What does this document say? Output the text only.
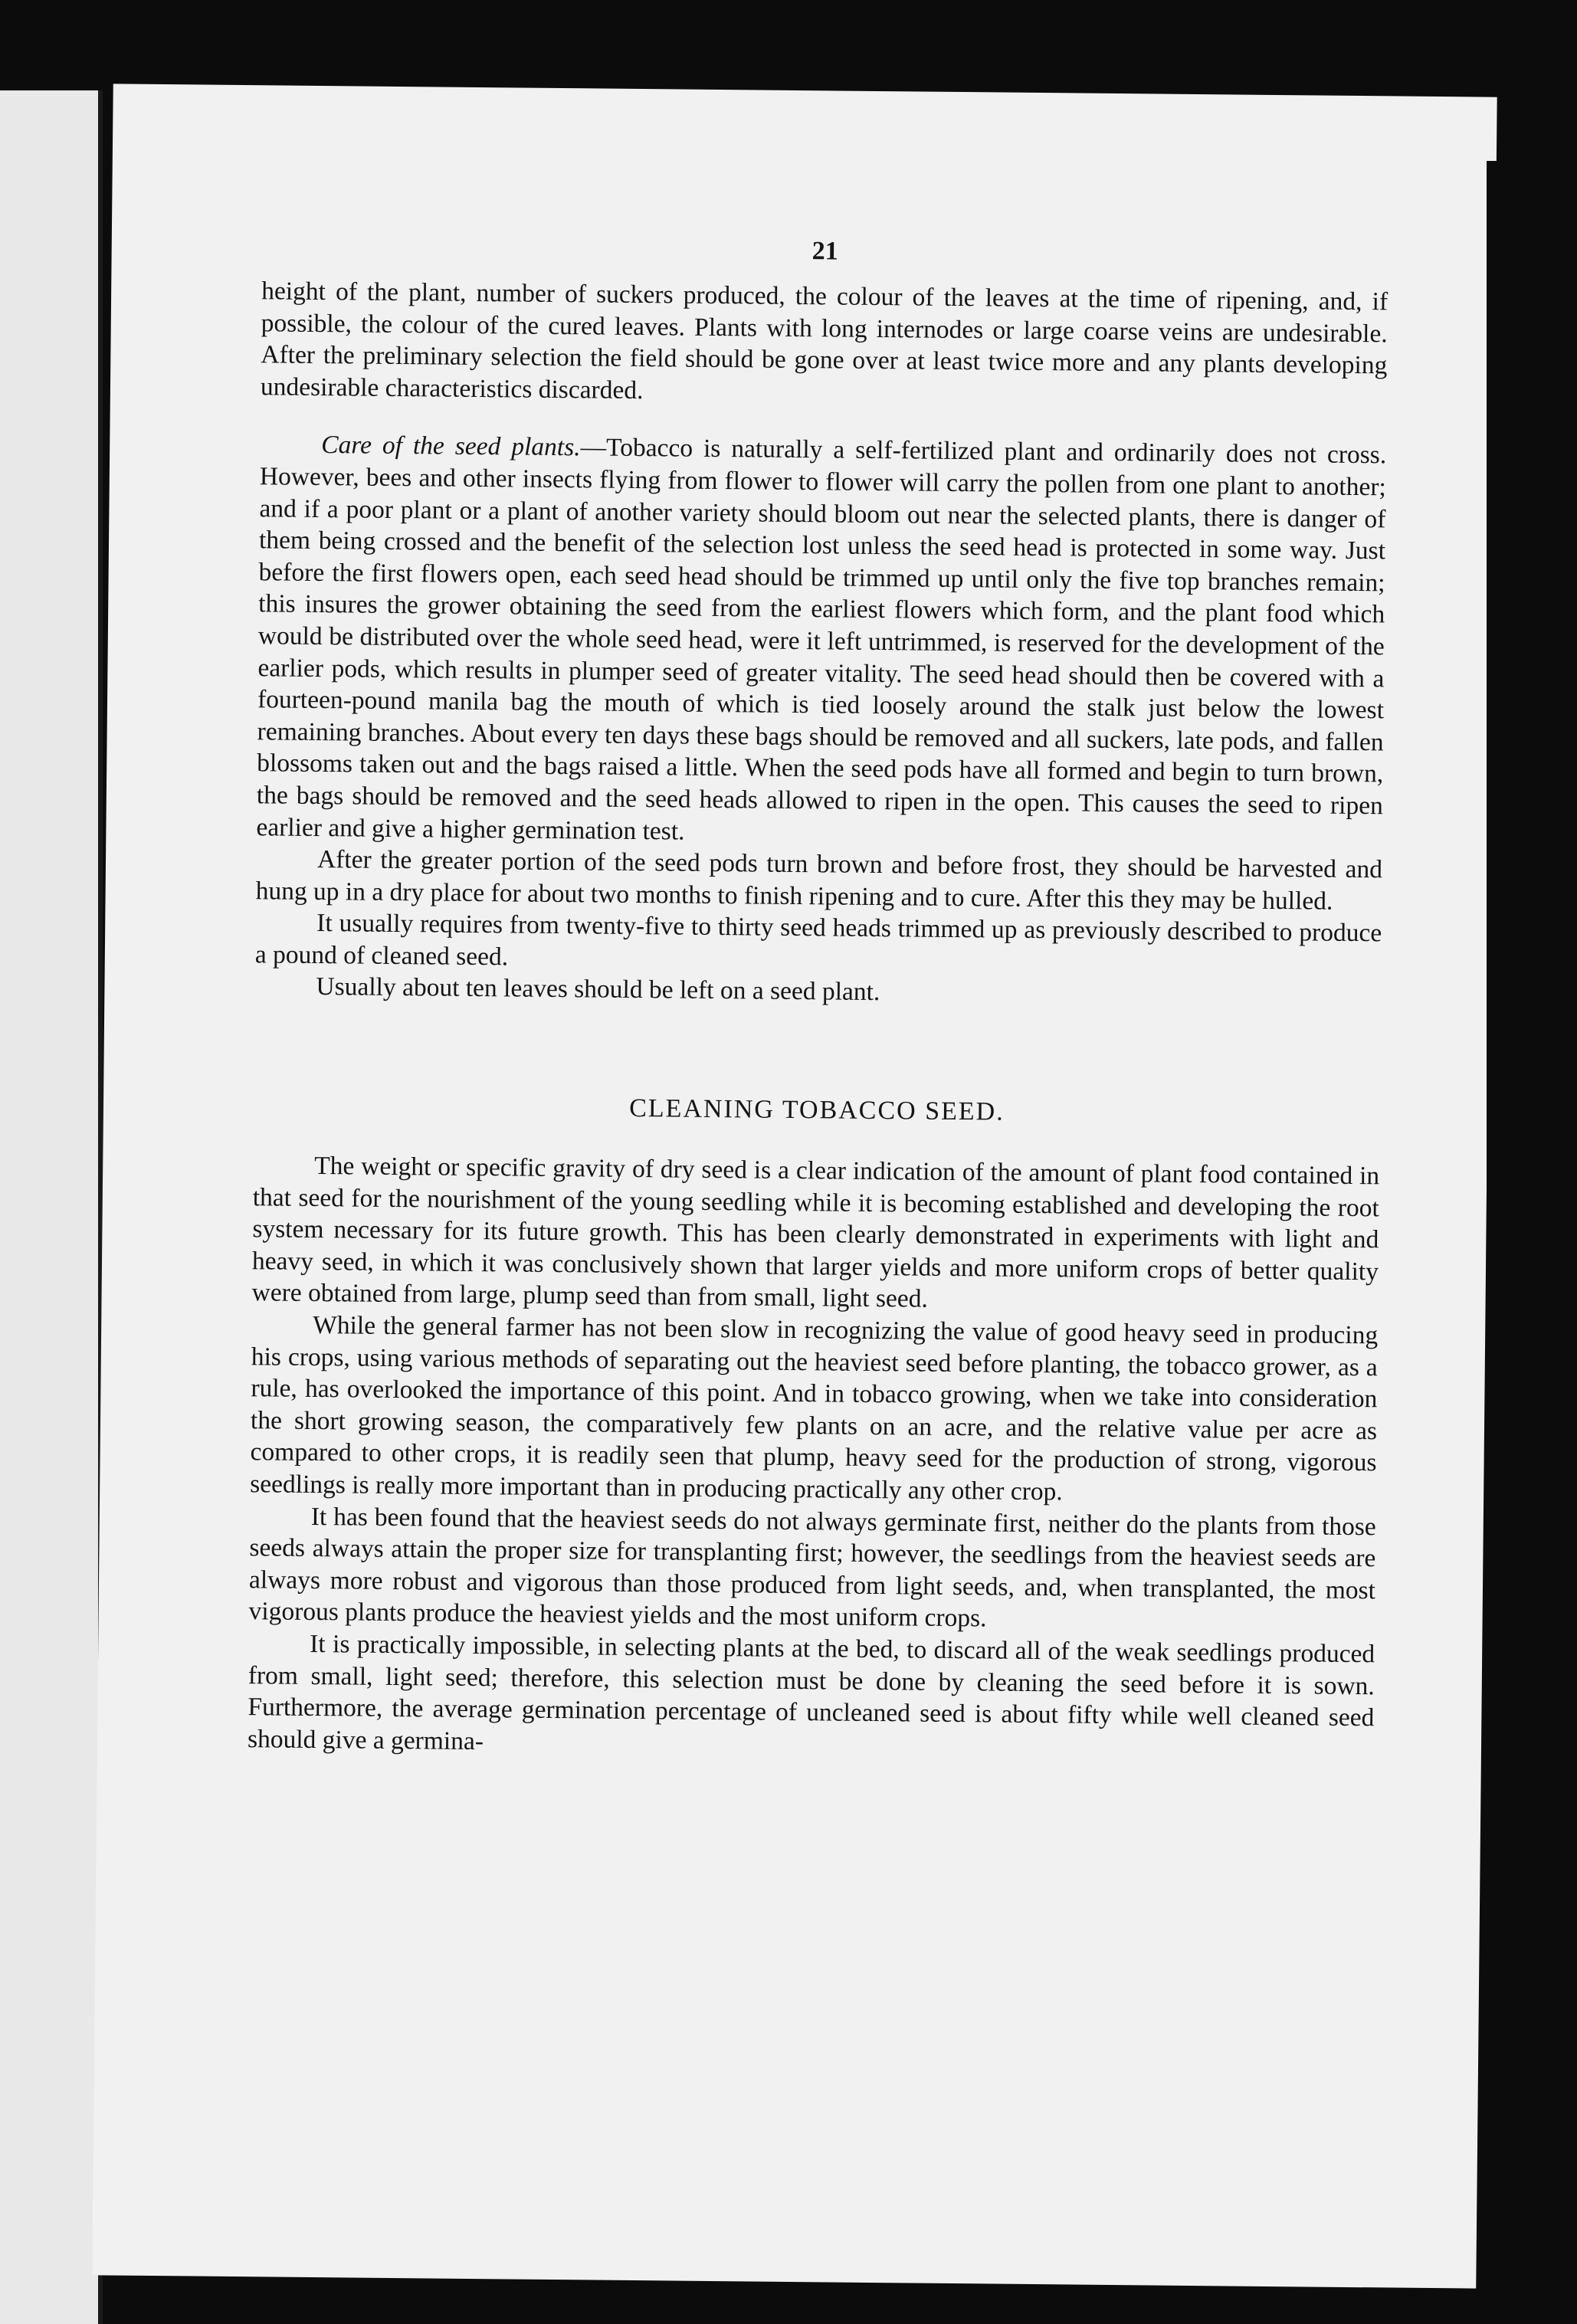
21

height of the plant, number of suckers produced, the colour of the leaves at the time of ripening, and, if possible, the colour of the cured leaves. Plants with long internodes or large coarse veins are undesirable. After the preliminary selection the field should be gone over at least twice more and any plants developing undesirable characteristics discarded.

Care of the seed plants.—Tobacco is naturally a self-fertilized plant and ordinarily does not cross. However, bees and other insects flying from flower to flower will carry the pollen from one plant to another; and if a poor plant or a plant of another variety should bloom out near the selected plants, there is danger of them being crossed and the benefit of the selection lost unless the seed head is protected in some way. Just before the first flowers open, each seed head should be trimmed up until only the five top branches remain; this insures the grower obtaining the seed from the earliest flowers which form, and the plant food which would be distributed over the whole seed head, were it left untrimmed, is reserved for the development of the earlier pods, which results in plumper seed of greater vitality. The seed head should then be covered with a fourteen-pound manila bag the mouth of which is tied loosely around the stalk just below the lowest remaining branches. About every ten days these bags should be removed and all suckers, late pods, and fallen blossoms taken out and the bags raised a little. When the seed pods have all formed and begin to turn brown, the bags should be removed and the seed heads allowed to ripen in the open. This causes the seed to ripen earlier and give a higher germination test.

After the greater portion of the seed pods turn brown and before frost, they should be harvested and hung up in a dry place for about two months to finish ripening and to cure. After this they may be hulled.

It usually requires from twenty-five to thirty seed heads trimmed up as previously described to produce a pound of cleaned seed.

Usually about ten leaves should be left on a seed plant.

CLEANING TOBACCO SEED.

The weight or specific gravity of dry seed is a clear indication of the amount of plant food contained in that seed for the nourishment of the young seedling while it is becoming established and developing the root system necessary for its future growth. This has been clearly demonstrated in experiments with light and heavy seed, in which it was conclusively shown that larger yields and more uniform crops of better quality were obtained from large, plump seed than from small, light seed.

While the general farmer has not been slow in recognizing the value of good heavy seed in producing his crops, using various methods of separating out the heaviest seed before planting, the tobacco grower, as a rule, has overlooked the importance of this point. And in tobacco growing, when we take into consideration the short growing season, the comparatively few plants on an acre, and the relative value per acre as compared to other crops, it is readily seen that plump, heavy seed for the production of strong, vigorous seedlings is really more important than in producing practically any other crop.

It has been found that the heaviest seeds do not always germinate first, neither do the plants from those seeds always attain the proper size for transplanting first; however, the seedlings from the heaviest seeds are always more robust and vigorous than those produced from light seeds, and, when transplanted, the most vigorous plants produce the heaviest yields and the most uniform crops.

It is practically impossible, in selecting plants at the bed, to discard all of the weak seedlings produced from small, light seed; therefore, this selection must be done by cleaning the seed before it is sown. Furthermore, the average germination percentage of uncleaned seed is about fifty while well cleaned seed should give a germina-
